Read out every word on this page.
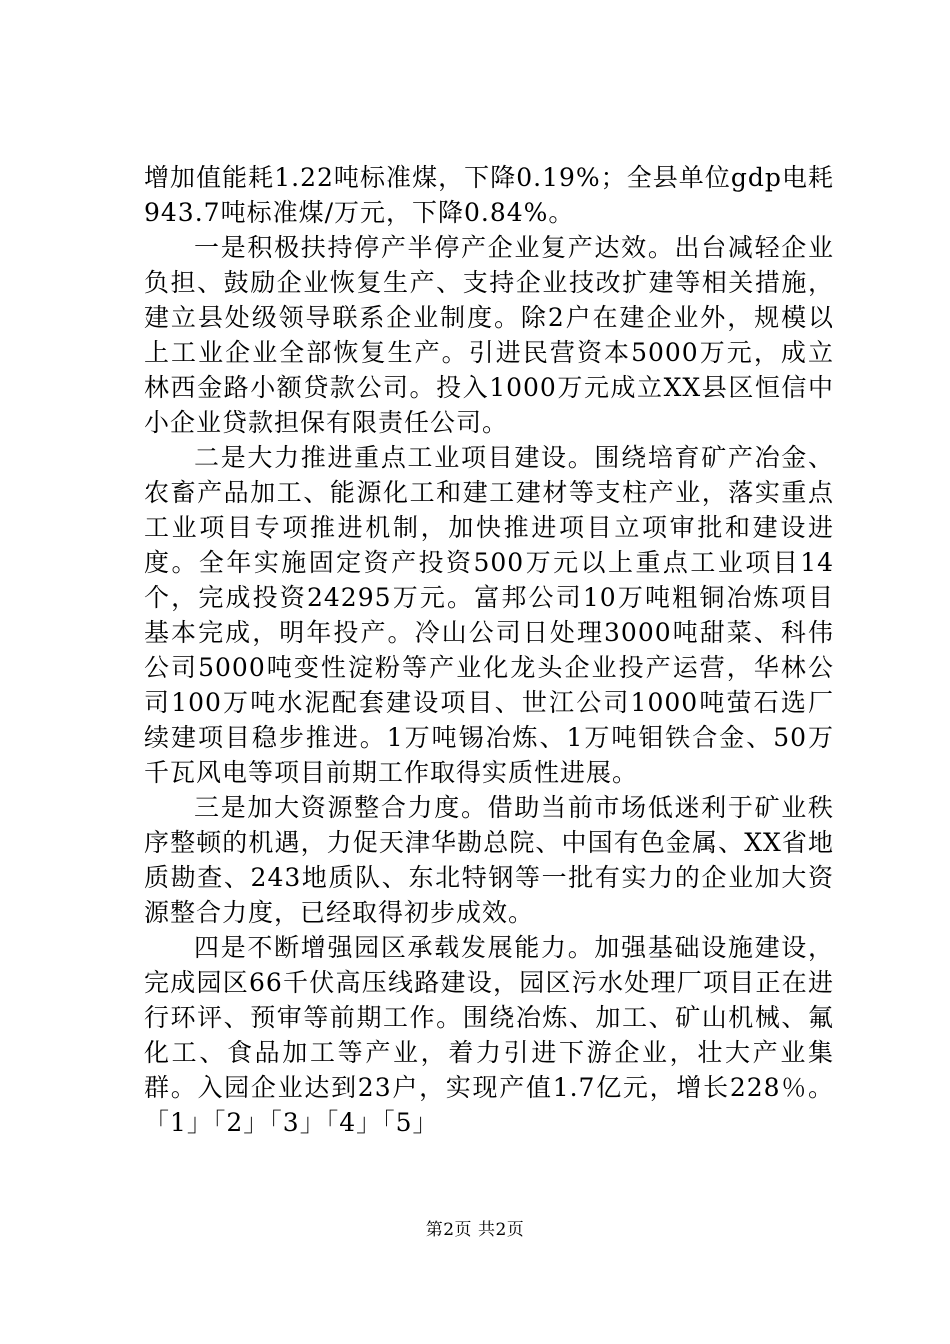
增加值能耗1.22吨标准煤，下降0.19%；全县单位gdp电耗943.7吨标准煤/万元，下降0.84%。

一是积极扶持停产半停产企业复产达效。出台减轻企业负担、鼓励企业恢复生产、支持企业技改扩建等相关措施，建立县处级领导联系企业制度。除2户在建企业外，规模以上工业企业全部恢复生产。引进民营资本5000万元，成立林西金路小额贷款公司。投入1000万元成立XX县区恒信中小企业贷款担保有限责任公司。

二是大力推进重点工业项目建设。围绕培育矿产冶金、农畜产品加工、能源化工和建工建材等支柱产业，落实重点工业项目专项推进机制，加快推进项目立项审批和建设进度。全年实施固定资产投资500万元以上重点工业项目14个，完成投资24295万元。富邦公司10万吨粗铜冶炼项目基本完成，明年投产。冷山公司日处理3000吨甜菜、科伟公司5000吨变性淀粉等产业化龙头企业投产运营，华林公司100万吨水泥配套建设项目、世江公司1000吨萤石选厂续建项目稳步推进。1万吨锡冶炼、1万吨钼铁合金、50万千瓦风电等项目前期工作取得实质性进展。

三是加大资源整合力度。借助当前市场低迷利于矿业秩序整顿的机遇，力促天津华勘总院、中国有色金属、XX省地质勘查、243地质队、东北特钢等一批有实力的企业加大资源整合力度，已经取得初步成效。

四是不断增强园区承载发展能力。加强基础设施建设，完成园区66千伏高压线路建设，园区污水处理厂项目正在进行环评、预审等前期工作。围绕冶炼、加工、矿山机械、氟化工、食品加工等产业，着力引进下游企业，壮大产业集群。入园企业达到23户，实现产值1.7亿元，增长228％。「1」「2」「3」「4」「5」

第2页 共2页
